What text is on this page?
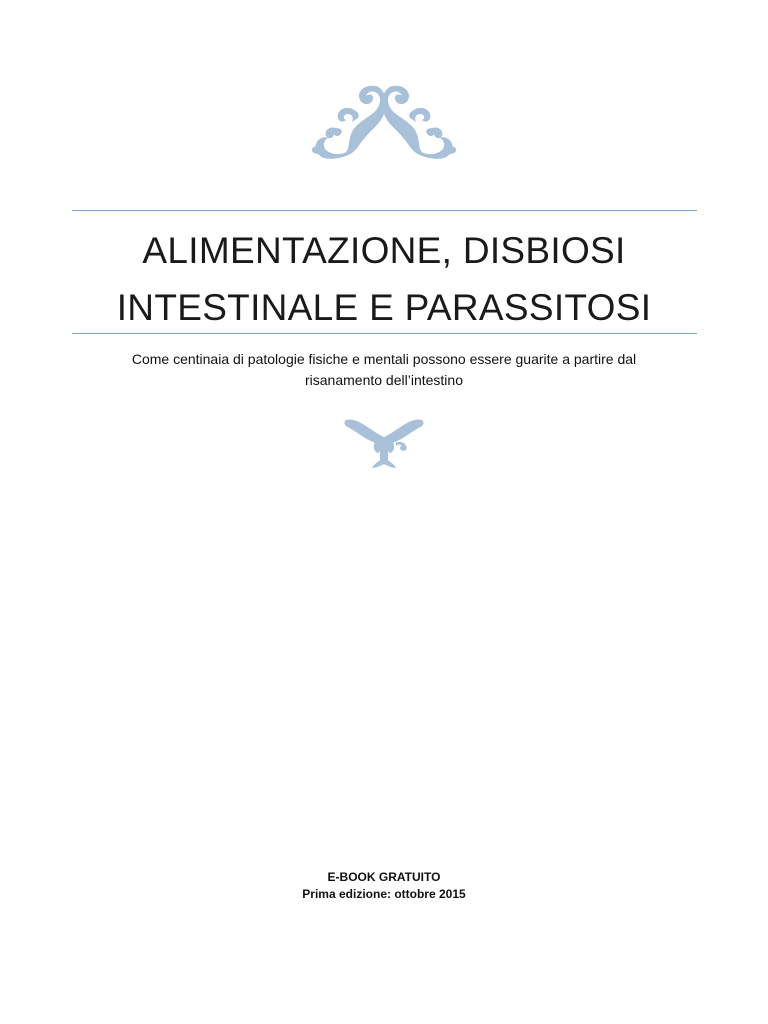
ALIMENTAZIONE, DISBIOSI
INTESTINALE E PARASSITOSI
Come centinaia di patologie fisiche e mentali possono essere guarite a partire dal
risanamento dell’intestino
E-BOOK GRATUITO
Prima edizione: ottobre 2015
